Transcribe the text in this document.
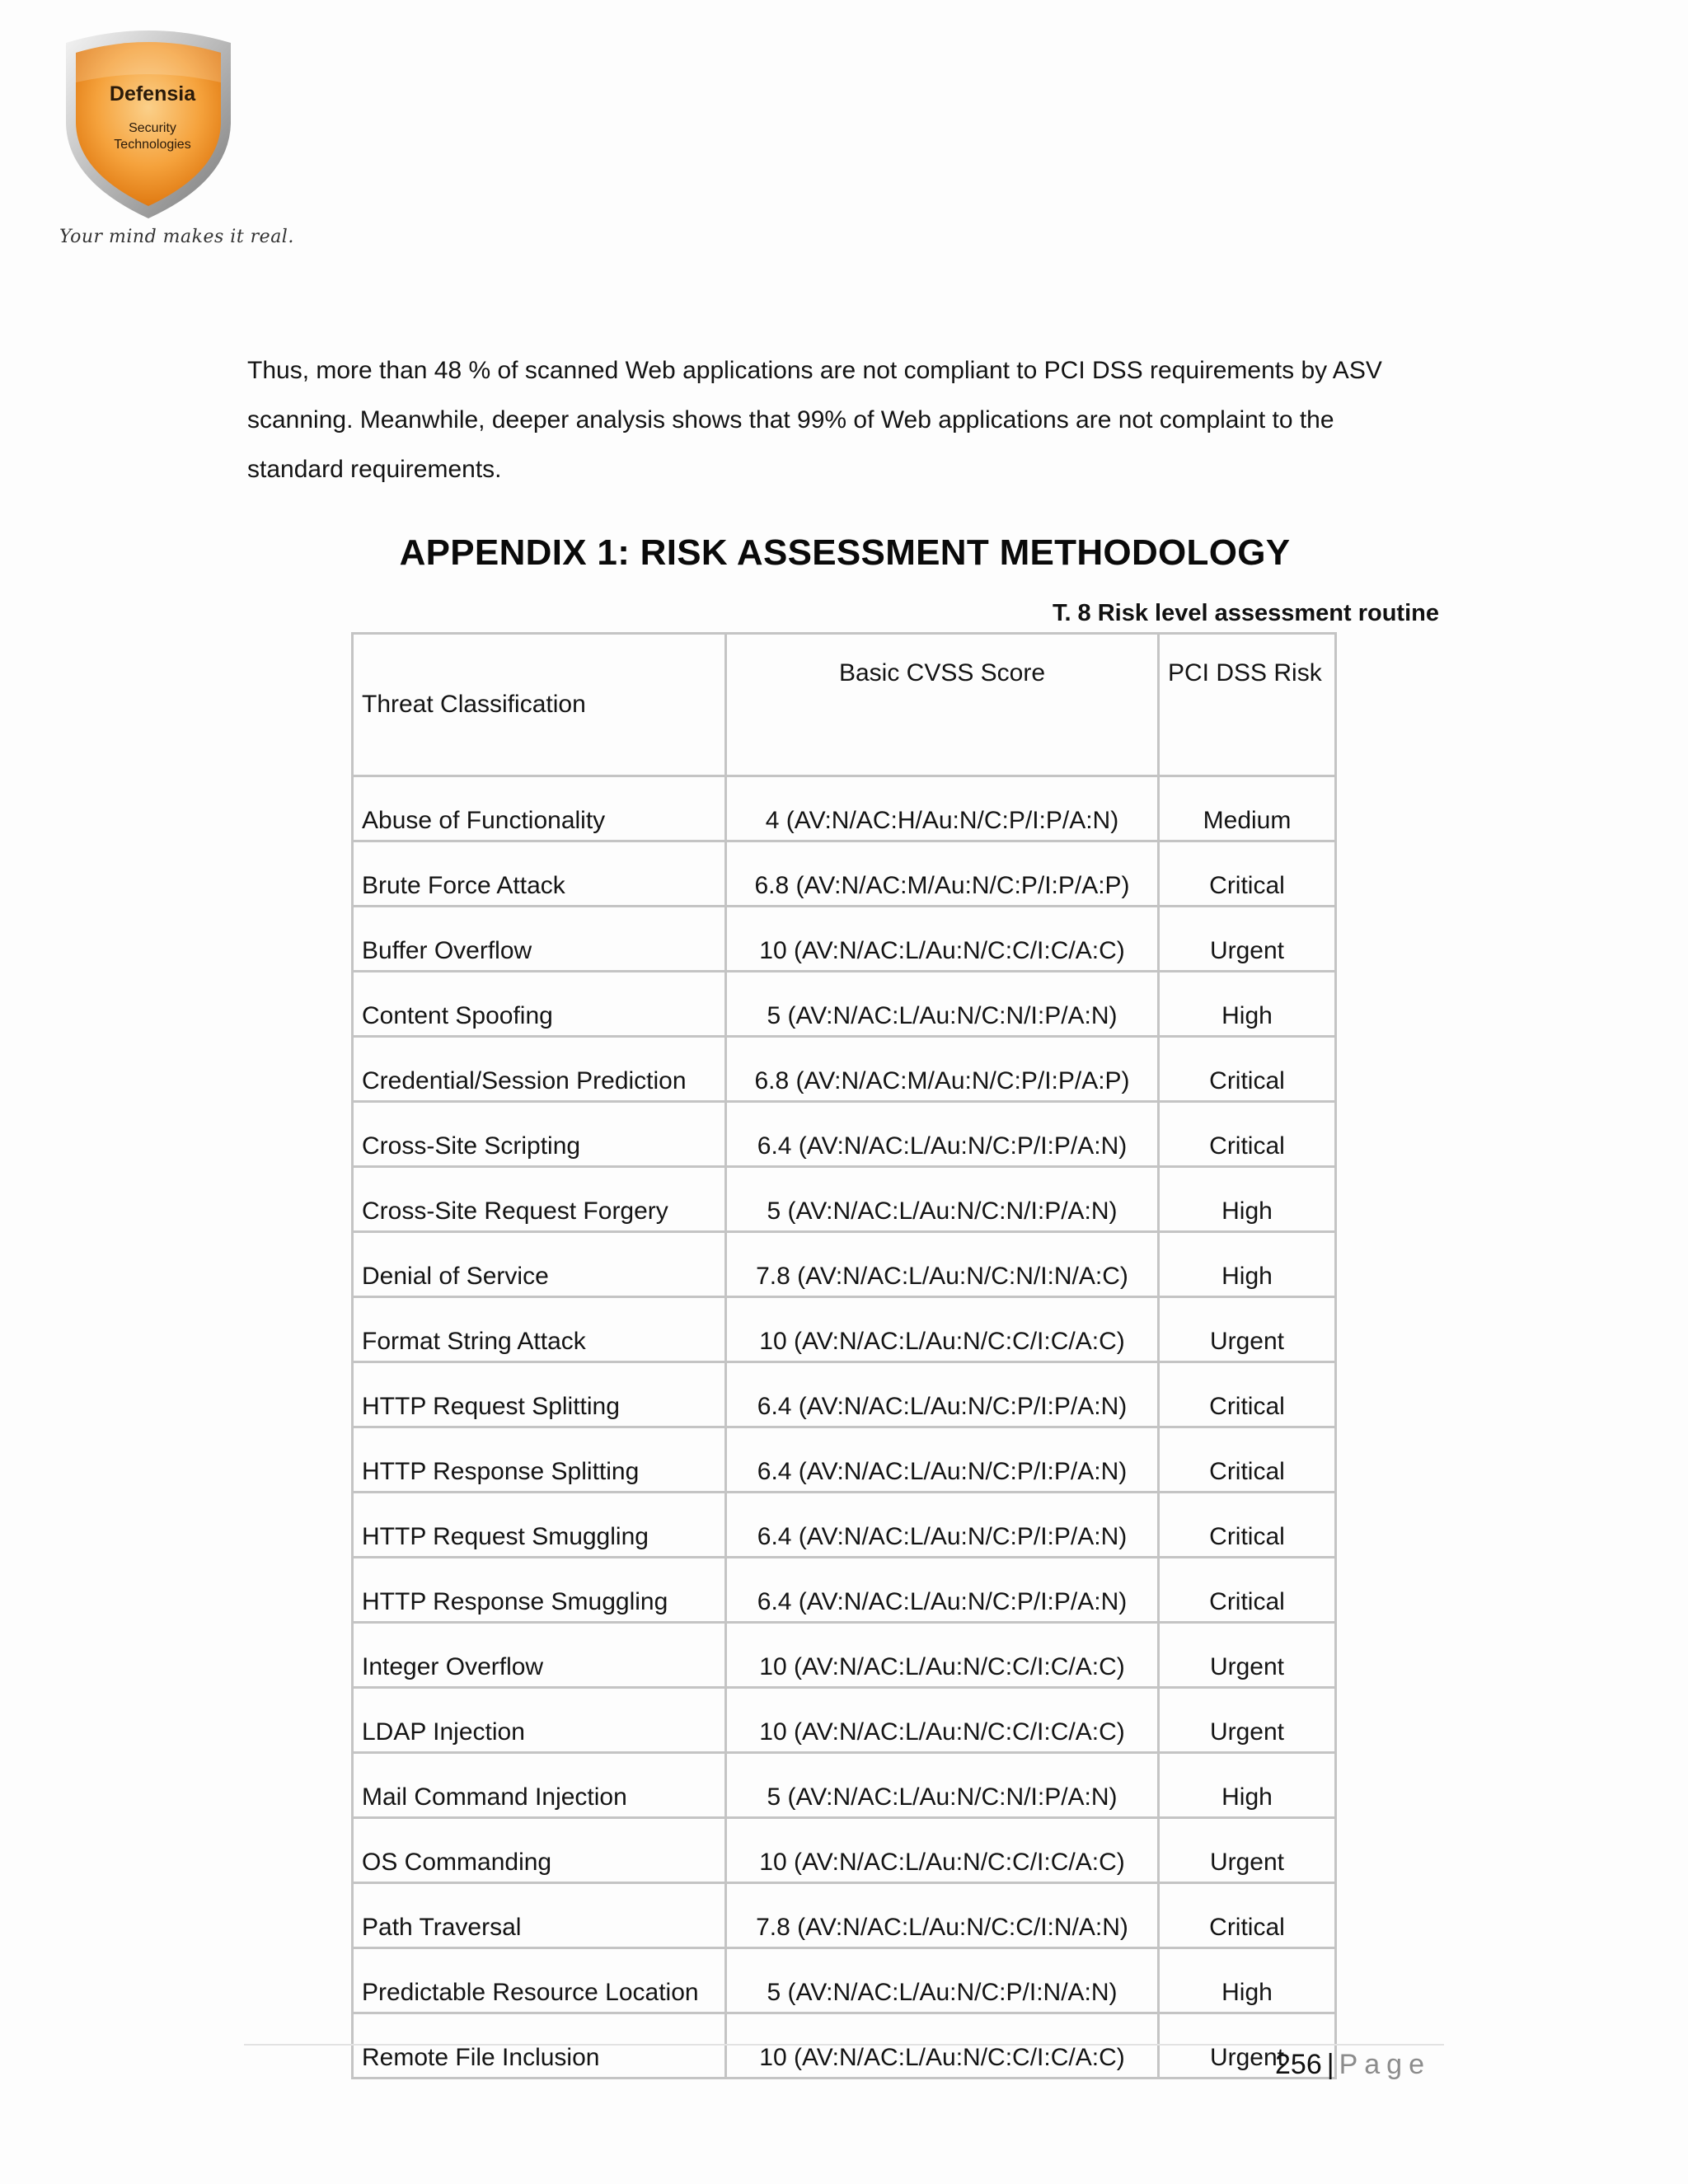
Defensia
Security
Technologies
Your mind makes it real.

Thus, more than 48 % of scanned Web applications are not compliant to PCI DSS requirements by ASV

scanning. Meanwhile, deeper analysis shows that 99% of Web applications are not complaint to the

standard requirements.

APPENDIX 1: RISK ASSESSMENT METHODOLOGY
T. 8 Risk level assessment routine
Threat Classification	Basic CVSS Score	PCI DSS Risk
Abuse of Functionality	4 (AV:N/AC:H/Au:N/C:P/I:P/A:N)	Medium
Brute Force Attack	6.8 (AV:N/AC:M/Au:N/C:P/I:P/A:P)	Critical
Buffer Overflow	10 (AV:N/AC:L/Au:N/C:C/I:C/A:C)	Urgent
Content Spoofing	5 (AV:N/AC:L/Au:N/C:N/I:P/A:N)	High
Credential/Session Prediction	6.8 (AV:N/AC:M/Au:N/C:P/I:P/A:P)	Critical
Cross-Site Scripting	6.4 (AV:N/AC:L/Au:N/C:P/I:P/A:N)	Critical
Cross-Site Request Forgery	5 (AV:N/AC:L/Au:N/C:N/I:P/A:N)	High
Denial of Service	7.8 (AV:N/AC:L/Au:N/C:N/I:N/A:C)	High
Format String Attack	10 (AV:N/AC:L/Au:N/C:C/I:C/A:C)	Urgent
HTTP Request Splitting	6.4 (AV:N/AC:L/Au:N/C:P/I:P/A:N)	Critical
HTTP Response Splitting	6.4 (AV:N/AC:L/Au:N/C:P/I:P/A:N)	Critical
HTTP Request Smuggling	6.4 (AV:N/AC:L/Au:N/C:P/I:P/A:N)	Critical
HTTP Response Smuggling	6.4 (AV:N/AC:L/Au:N/C:P/I:P/A:N)	Critical
Integer Overflow	10 (AV:N/AC:L/Au:N/C:C/I:C/A:C)	Urgent
LDAP Injection	10 (AV:N/AC:L/Au:N/C:C/I:C/A:C)	Urgent
Mail Command Injection	5 (AV:N/AC:L/Au:N/C:N/I:P/A:N)	High
OS Commanding	10 (AV:N/AC:L/Au:N/C:C/I:C/A:C)	Urgent
Path Traversal	7.8 (AV:N/AC:L/Au:N/C:C/I:N/A:N)	Critical
Predictable Resource Location	5 (AV:N/AC:L/Au:N/C:P/I:N/A:N)	High
Remote File Inclusion	10 (AV:N/AC:L/Au:N/C:C/I:C/A:C)	Urgent
256 | Page
